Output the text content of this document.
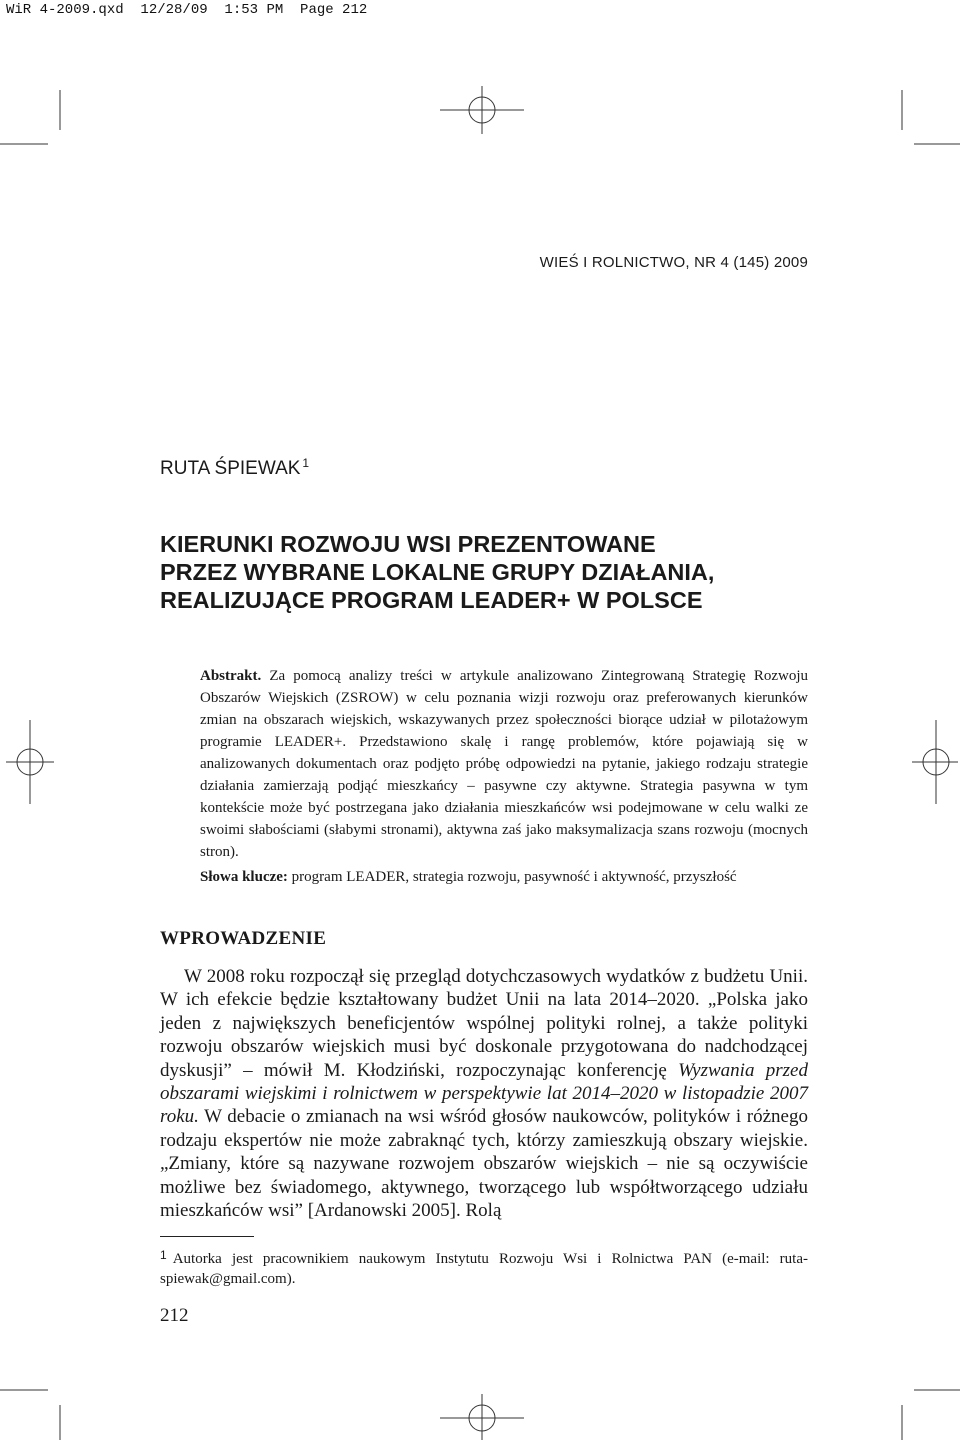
WiR 4-2009.qxd  12/28/09  1:53 PM  Page 212
WIEŚ I ROLNICTWO, NR 4 (145) 2009
RUTA ŚPIEWAK $^1$
KIERUNKI ROZWOJU WSI PREZENTOWANE
PRZEZ WYBRANE LOKALNE GRUPY DZIAŁANIA,
REALIZUJĄCE PROGRAM LEADER+ W POLSCE

Abstrakt. Za pomocą analizy treści w artykule analizowano Zintegrowaną Strategię Rozwoju Obszarów Wiejskich (ZSROW) w celu poznania wizji rozwoju oraz preferowanych kierunków zmian na obszarach wiejskich, wskazywanych przez społeczności biorące udział w pilotażowym programie LEADER+. Przedstawiono skalę i rangę problemów, które pojawiają się w analizowanych dokumentach oraz podjęto próbę odpowiedzi na pytanie, jakiego rodzaju strategie działania zamierzają podjąć mieszkańcy – pasywne czy aktywne. Strategia pasywna w tym kontekście może być postrzegana jako działania mieszkańców wsi podejmowane w celu walki ze swoimi słabościami (słabymi stronami), aktywna zaś jako maksymalizacja szans rozwoju (mocnych stron).

Słowa klucze: program LEADER, strategia rozwoju, pasywność i aktywność, przyszłość
WPROWADZENIE

W 2008 roku rozpoczął się przegląd dotychczasowych wydatków z budżetu Unii. W ich efekcie będzie kształtowany budżet Unii na lata 2014–2020. „Polska jako jeden z największych beneficjentów wspólnej polityki rolnej, a także polityki rozwoju obszarów wiejskich musi być doskonale przygotowana do nadchodzącej dyskusji” – mówił M. Kłodziński, rozpoczynając konferencję Wyzwania przed obszarami wiejskimi i rolnictwem w perspektywie lat 2014–2020 w listopadzie 2007 roku. W debacie o zmianach na wsi wśród głosów naukowców, polityków i różnego rodzaju ekspertów nie może zabraknąć tych, którzy zamieszkują obszary wiejskie. „Zmiany, które są nazywane rozwojem obszarów wiejskich – nie są oczywiście możliwe bez świadomego, aktywnego, tworzącego lub współtworzącego udziału mieszkańców wsi” [Ardanowski 2005]. Rolą

$^1$ Autorka jest pracownikiem naukowym Instytutu Rozwoju Wsi i Rolnictwa PAN (e-mail: ruta-spiewak@gmail.com).

212
